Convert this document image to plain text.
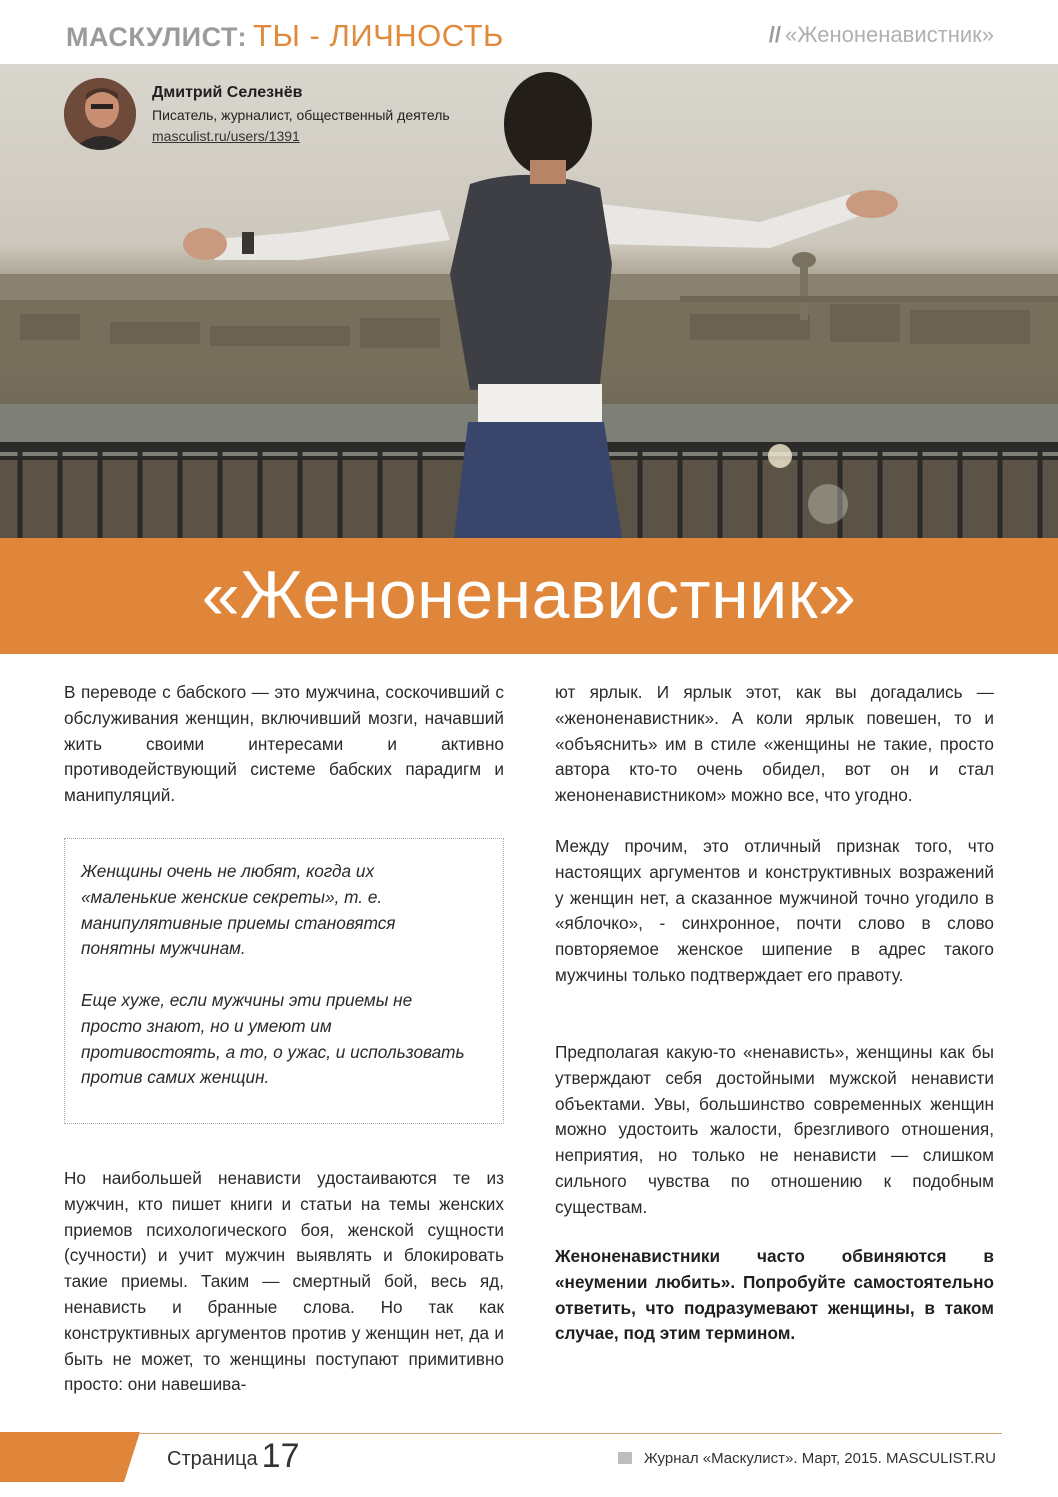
МАСКУЛИСТ: ТЫ - ЛИЧНОСТЬ	// «Женоненавистник»
Дмитрий Селезнёв
Писатель, журналист, общественный деятель
masculist.ru/users/1391
«Женоненавистник»

В переводе с бабского — это мужчина, соскочивший с обслуживания женщин, включивший мозги, начавший жить своими интересами и активно противодействующий системе бабских парадигм и манипуляций.

Женщины очень не любят, когда их «маленькие женские секреты», т. е. манипулятивные приемы становятся понятны мужчинам.

Еще хуже, если мужчины эти приемы не просто знают, но и умеют им противостоять, а то, о ужас, и использовать против самих женщин.

Но наибольшей ненависти удостаиваются те из мужчин, кто пишет книги и статьи на темы женских приемов психологического боя, женской сущности (сучности) и учит мужчин выявлять и блокировать такие приемы. Таким — смертный бой, весь яд, ненависть и бранные слова. Но так как конструктивных аргументов против у женщин нет, да и быть не может, то женщины поступают примитивно просто: они навешива-

ют ярлык. И ярлык этот, как вы догадались — «женоненавистник». А коли ярлык повешен, то и «объяснить» им в стиле «женщины не такие, просто автора кто-то очень обидел, вот он и стал женоненавистником» можно все, что угодно.

Между прочим, это отличный признак того, что настоящих аргументов и конструктивных возражений у женщин нет, а сказанное мужчиной точно угодило в «яблочко», - синхронное, почти слово в слово повторяемое женское шипение в адрес такого мужчины только подтверждает его правоту.

Предполагая какую-то «ненависть», женщины как бы утверждают себя достойными мужской ненависти объектами. Увы, большинство современных женщин можно удостоить жалости, брезгливого отношения, неприятия, но только не ненависти — слишком сильного чувства по отношению к подобным существам.

Женоненавистники часто обвиняются в «неумении любить». Попробуйте самостоятельно ответить, что подразумевают женщины, в таком случае, под этим термином.

Страница 17	Журнал «Маскулист». Март, 2015. MASCULIST.RU
